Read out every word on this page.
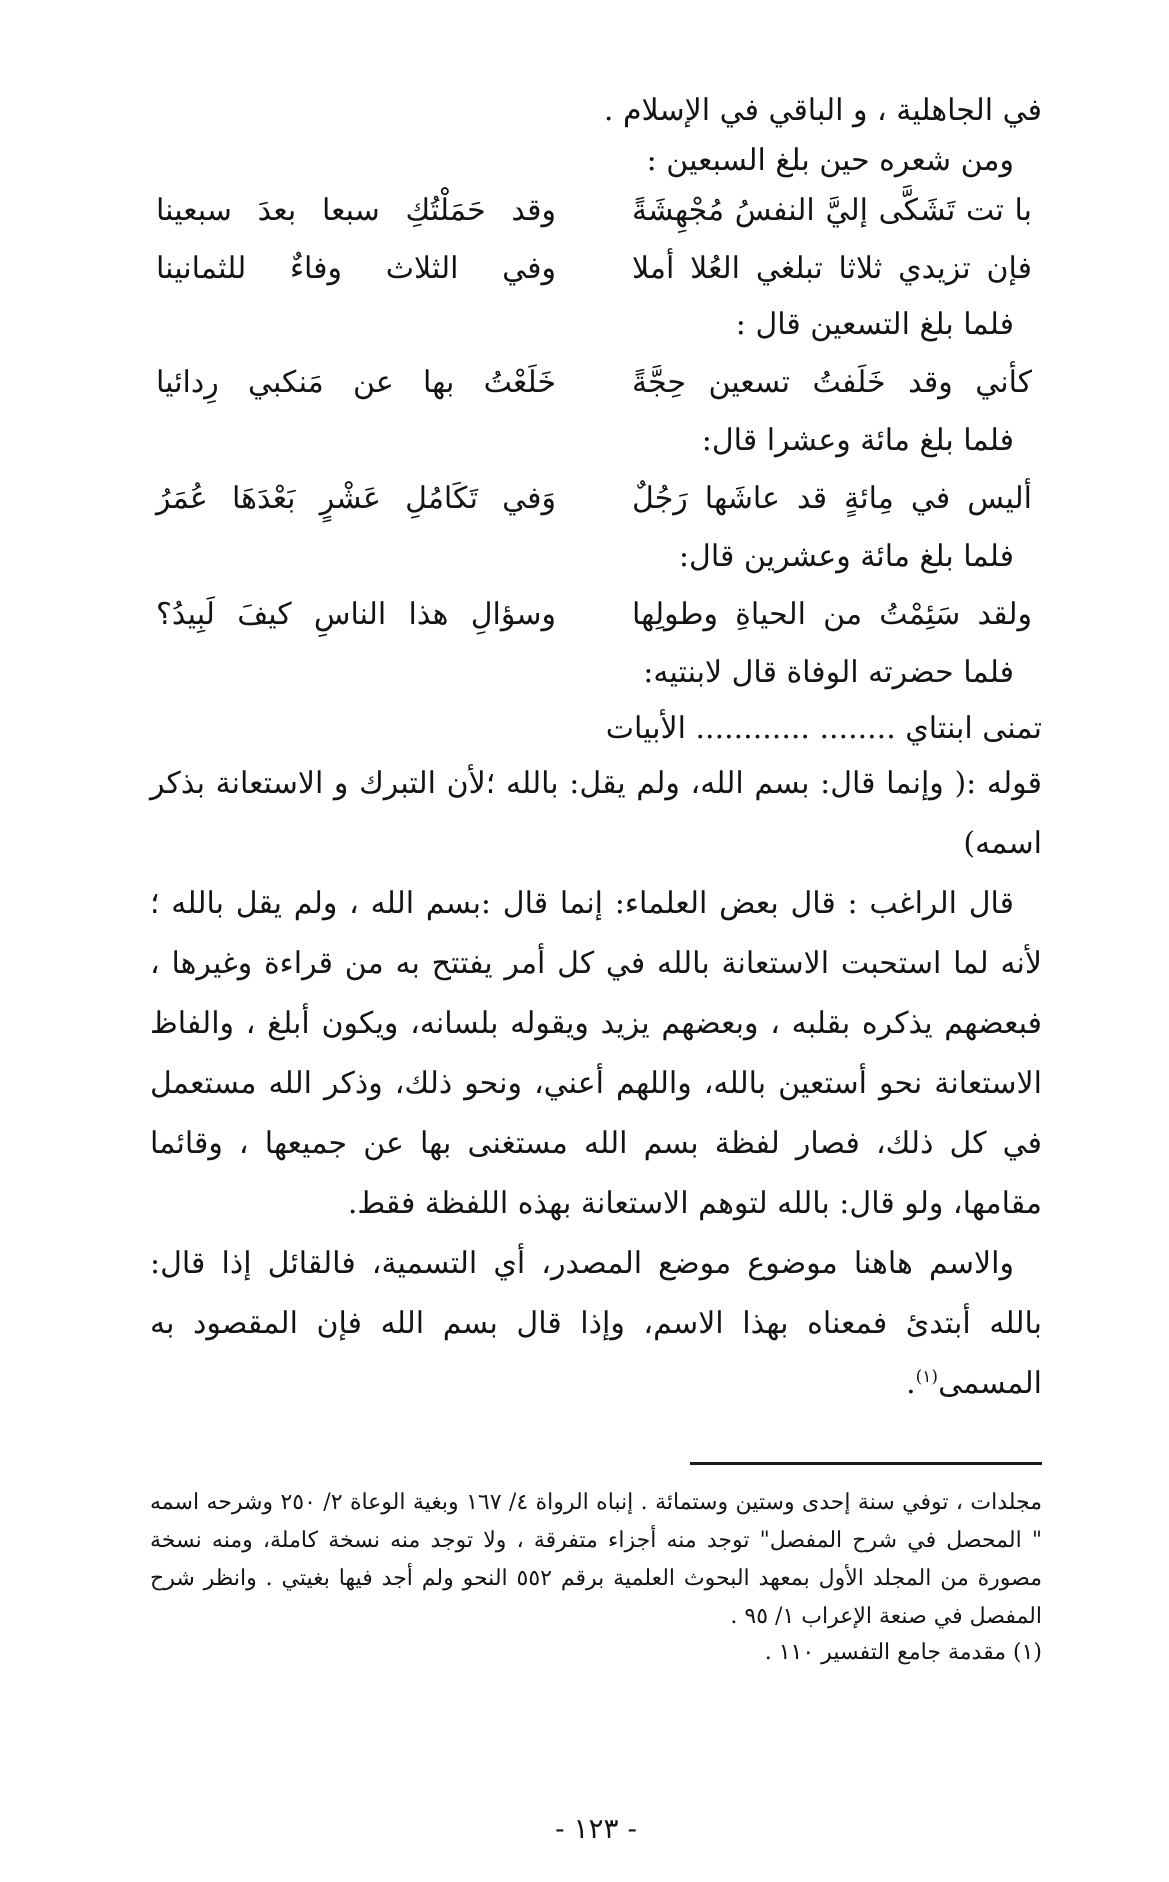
في الجاهلية ، و الباقي في الإسلام .
ومن شعره حين بلغ السبعين :
با تت تَشَكَّى إليَّ النفسُ مُجْهِشَةً
وقد حَمَلْتُكِ سبعا بعدَ سبعينا
فإن تزيدي ثلاثا تبلغي العُلا أملا
وفي الثلاث وفاءٌ للثمانينا
فلما بلغ التسعين قال :
كأني وقد خَلَفتُ تسعين حِجَّةً
خَلَعْتُ بها عن مَنكبي رِدائيا
فلما بلغ مائة وعشرا قال:
أليس في مِائةٍ قد عاشَها رَجُلٌ
وَفي تَكَامُلِ عَشْرٍ بَعْدَهَا عُمَرُ
فلما بلغ مائة وعشرين قال:
ولقد سَئِمْتُ من الحياةِ وطولِها
وسؤالِ هذا الناسِ كيفَ لَبِيدُ؟
فلما حضرته الوفاة قال لابنتيه:
تمنى ابنتاي ........ ............ الأبيات
قوله :( وإنما قال: بسم الله، ولم يقل: بالله ؛لأن التبرك و الاستعانة بذكر اسمه)
قال الراغب : قال بعض العلماء: إنما قال :بسم الله ، ولم يقل بالله ؛لأنه لما استحبت الاستعانة بالله في كل أمر يفتتح به من قراءة وغيرها ، فبعضهم يذكره بقلبه ، وبعضهم يزيد ويقوله بلسانه، ويكون أبلغ ، والفاظ الاستعانة نحو أستعين بالله، واللهم أعني، ونحو ذلك، وذكر الله مستعمل في كل ذلك، فصار لفظة بسم الله مستغنى بها عن جميعها ، وقائما مقامها، ولو قال: بالله لتوهم الاستعانة بهذه اللفظة فقط.
والاسم هاهنا موضوع موضع المصدر، أي التسمية، فالقائل إذا قال: بالله أبتدئ فمعناه بهذا الاسم، وإذا قال بسم الله فإن المقصود به المسمى$^{(١)}$.
مجلدات ، توفي سنة إحدى وستين وستمائة . إنباه الرواة ٤/ ١٦٧ وبغية الوعاة ٢/ ٢٥٠ وشرحه اسمه " المحصل في شرح المفصل" توجد منه أجزاء متفرقة ، ولا توجد منه نسخة كاملة، ومنه نسخة مصورة من المجلد الأول بمعهد البحوث العلمية برقم ٥٥٢ النحو ولم أجد فيها بغيتي . وانظر شرح المفصل في صنعة الإعراب ١/ ٩٥ .
(١) مقدمة جامع التفسير ١١٠ .
- ١٢٣ -
